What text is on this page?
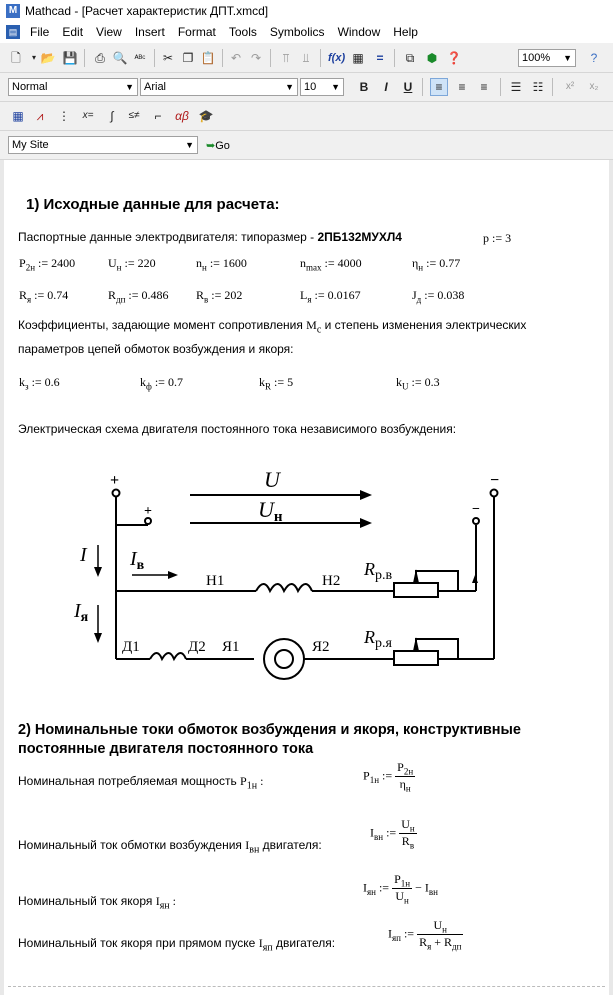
M Mathcad - [Расчет характеристик ДПТ.xmcd]
▤ File Edit View Insert Format Tools Symbolics Window Help
🗋	▾ 📂 💾 ⎙ 🔍 ᴬᴮᶜ ✂ ❐ 📋 ↶ ↷	⫪	⫫	f(x) ▦	=	⧉	⬢ ❓	100% ▼	?
Normal	▼ Arial	▼ 10 ▼	B	I	U	≡	≡	≡	☰ ☷	x²	x₂
▦	⩘	⋮ x=	∫	≤≠	⌐	αβ 🎓
My Site	▼ ➥Go
1) Исходные данные для расчета:
Паспортные данные электродвигателя: типоразмер - 2ПБ132МУХЛ4	p := 3
$P_{2н}$ := 2400	$U_н$ := 220	$n_н$ := 1600	$n_{max}$ := 4000	$\eta_н$ := 0.77
$R_я$ := 0.74	$R_{дп}$ := 0.486 $R_в$ := 202	$L_я$ := 0.0167	$J_д$ := 0.038
Коэффициенты, задающие момент сопротивления $M_c$ и степень изменения электрических
параметров цепей обмоток возбуждения и якоря:
$k_з$ := 0.6	$k_ф$ := 0.7	$k_R$ := 5	$k_U$ := 0.3
Электрическая схема двигателя постоянного тока независимого возбуждения:
+
+
−
−
U
Uн
I $I_в$
$I_я$
Н1	Н2
$R_{р.в}$
Д1	Д2 Я1	Я2 $R_{р.я}$
2) Номинальные токи обмоток возбуждения и якоря, конструктивные
постоянные двигателя постоянного тока
Номинальная потребляемая мощность $P_{1н}$ :	$P_{1н}$ := $\frac{P_{2н}}{\eta_н}$
Номинальный ток обмотки возбуждения $I_{вн}$ двигателя:
$I_{вн}$ := $\frac{U_н}{R_в}$
Номинальный ток якоря $I_{ян}$ :
$I_{ян}$ := $\frac{P_{1н}}{U_н} - I_{вн}$
Номинальный ток якоря при прямом пуске $I_{яп}$ двигателя:
$I_{яп}$ := $\frac{U_н}{R_я + R_{дп}}$
